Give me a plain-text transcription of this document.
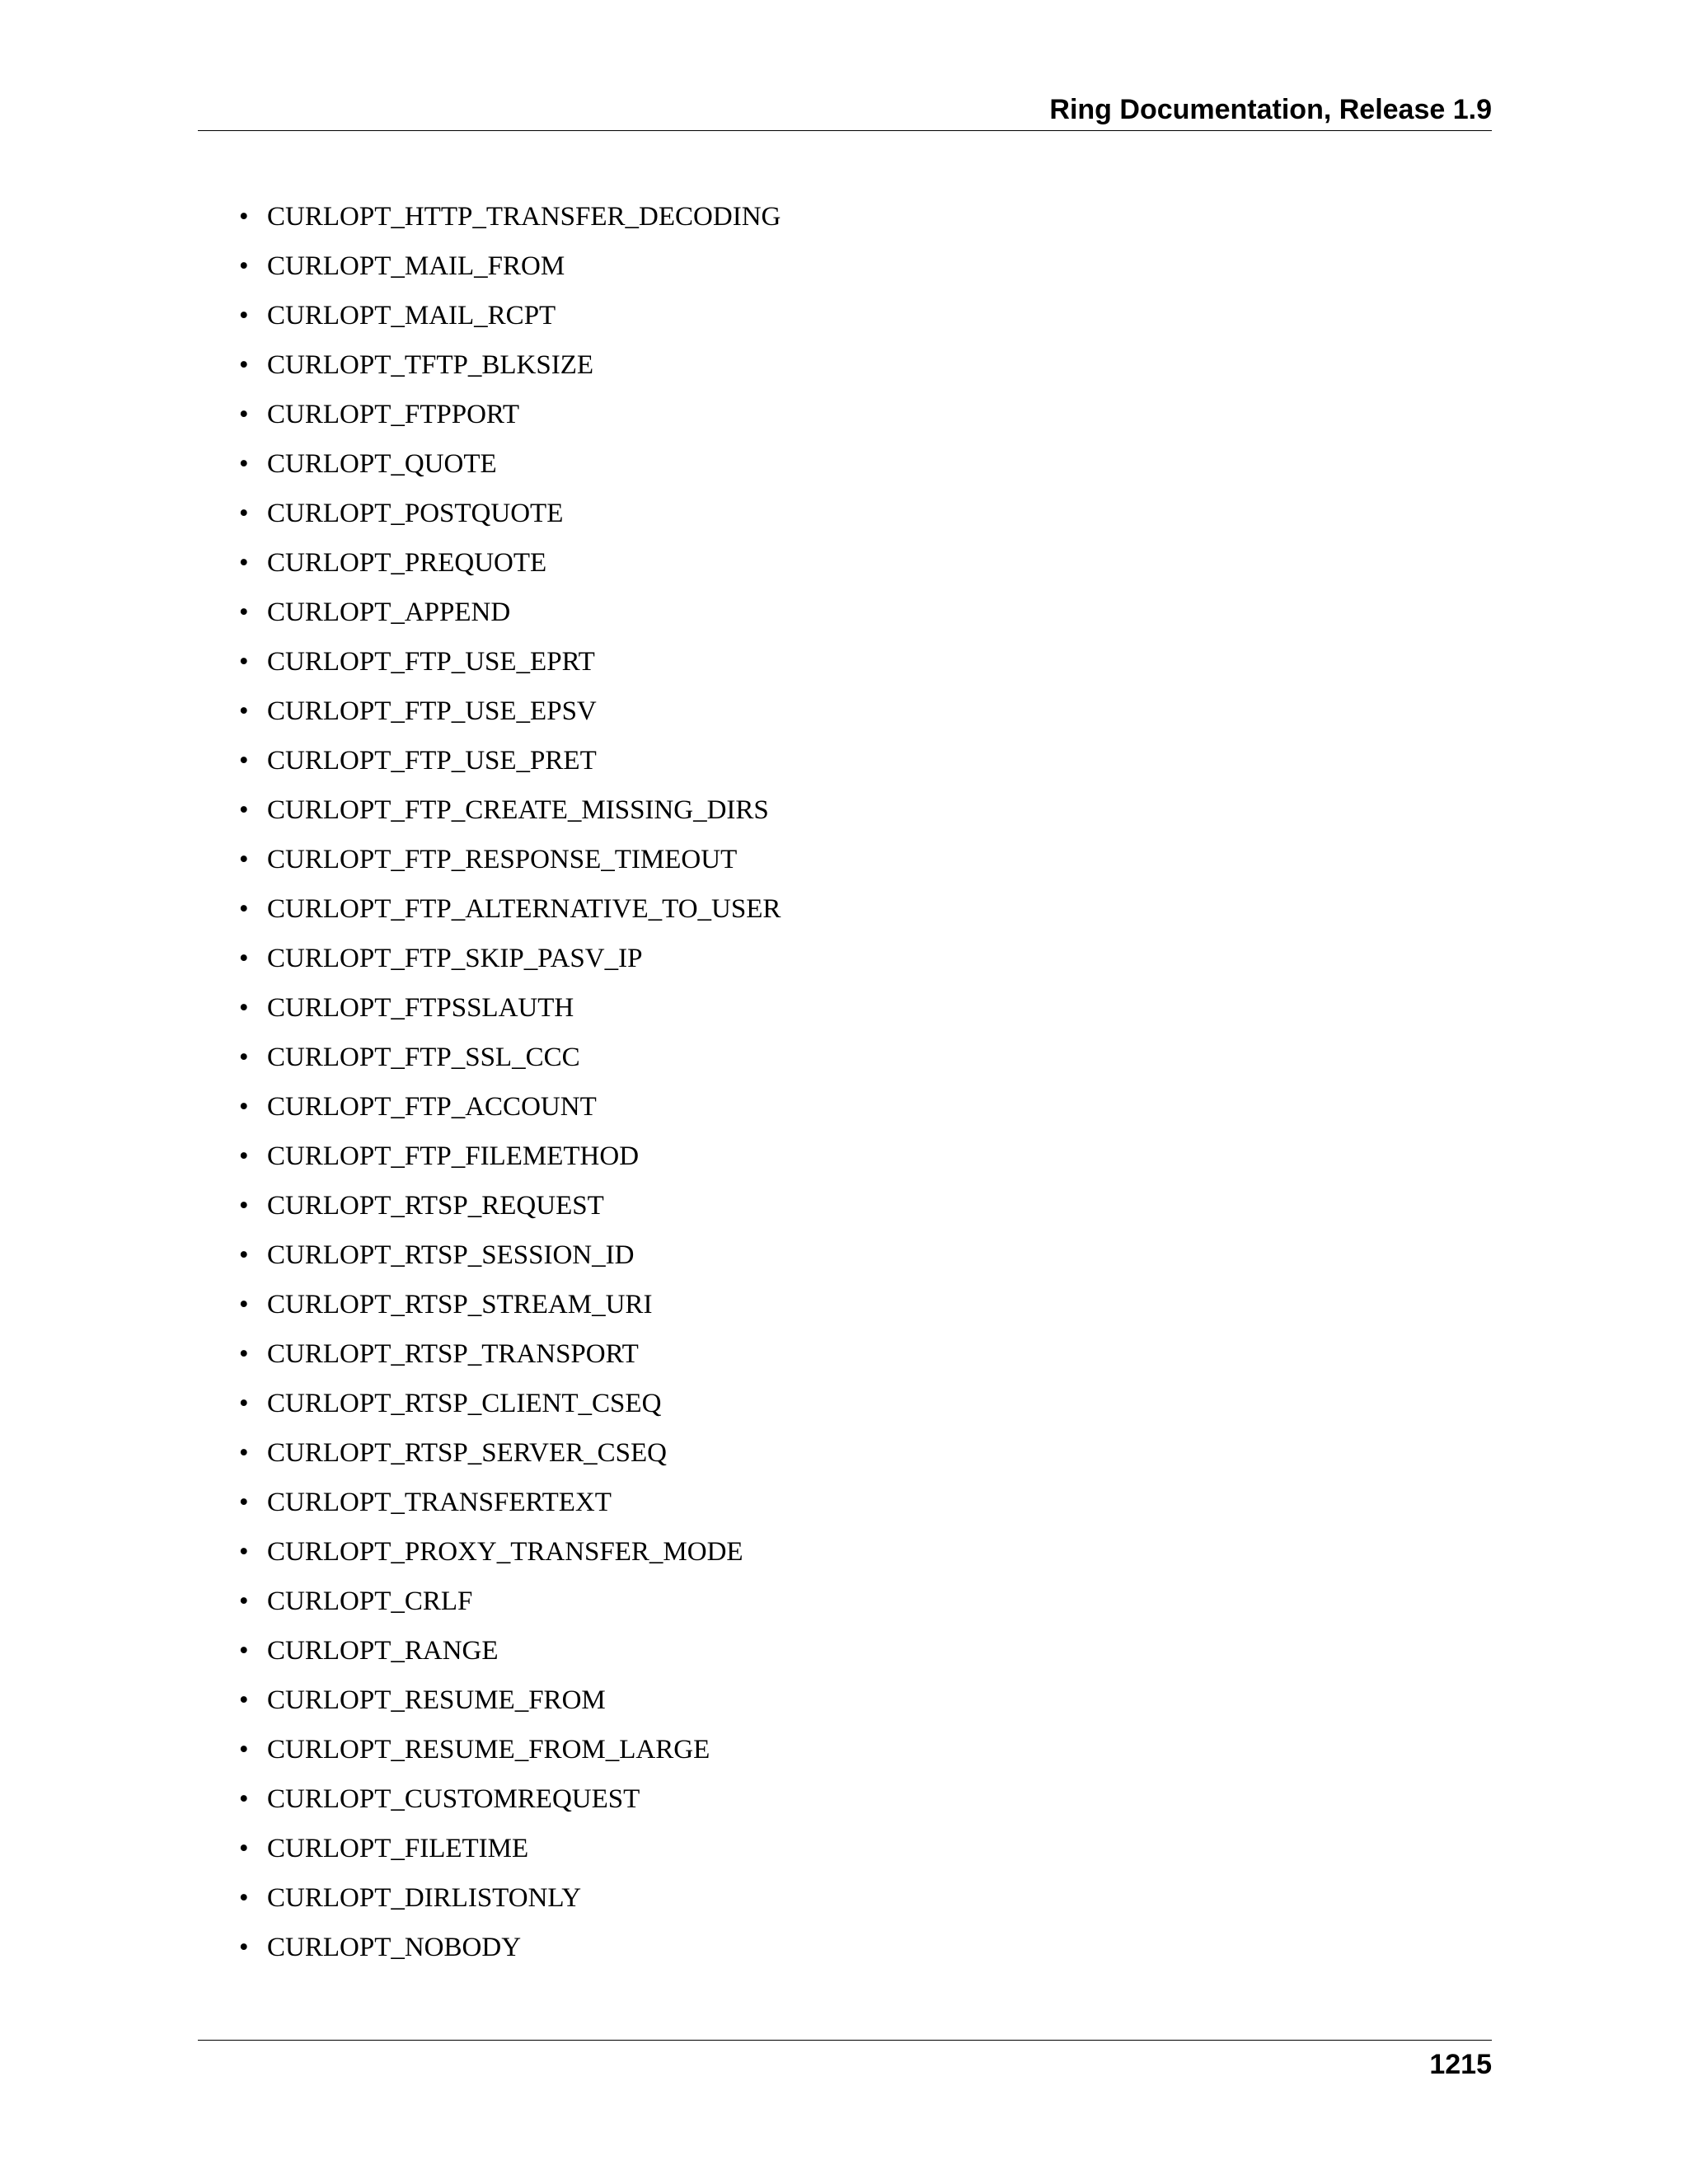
Ring Documentation, Release 1.9
• CURLOPT_HTTP_TRANSFER_DECODING
• CURLOPT_MAIL_FROM
• CURLOPT_MAIL_RCPT
• CURLOPT_TFTP_BLKSIZE
• CURLOPT_FTPPORT
• CURLOPT_QUOTE
• CURLOPT_POSTQUOTE
• CURLOPT_PREQUOTE
• CURLOPT_APPEND
• CURLOPT_FTP_USE_EPRT
• CURLOPT_FTP_USE_EPSV
• CURLOPT_FTP_USE_PRET
• CURLOPT_FTP_CREATE_MISSING_DIRS
• CURLOPT_FTP_RESPONSE_TIMEOUT
• CURLOPT_FTP_ALTERNATIVE_TO_USER
• CURLOPT_FTP_SKIP_PASV_IP
• CURLOPT_FTPSSLAUTH
• CURLOPT_FTP_SSL_CCC
• CURLOPT_FTP_ACCOUNT
• CURLOPT_FTP_FILEMETHOD
• CURLOPT_RTSP_REQUEST
• CURLOPT_RTSP_SESSION_ID
• CURLOPT_RTSP_STREAM_URI
• CURLOPT_RTSP_TRANSPORT
• CURLOPT_RTSP_CLIENT_CSEQ
• CURLOPT_RTSP_SERVER_CSEQ
• CURLOPT_TRANSFERTEXT
• CURLOPT_PROXY_TRANSFER_MODE
• CURLOPT_CRLF
• CURLOPT_RANGE
• CURLOPT_RESUME_FROM
• CURLOPT_RESUME_FROM_LARGE
• CURLOPT_CUSTOMREQUEST
• CURLOPT_FILETIME
• CURLOPT_DIRLISTONLY
• CURLOPT_NOBODY
1215
